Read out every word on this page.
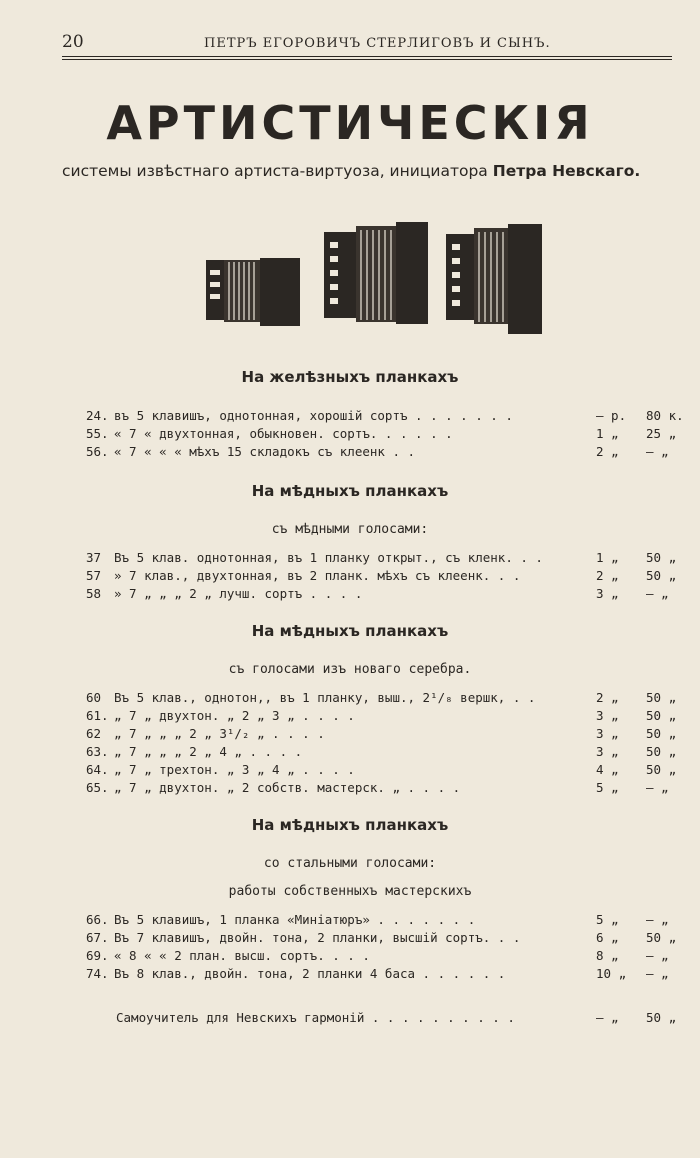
20	ПЕТРЪ ЕГОРОВИЧЪ СТЕРЛИГОВЪ И СЫНЪ.
АРТИСТИЧЕСКIЯ
системы извѣстнаго артиста-виртуоза, инициатора Петра Невскаго.
На желѣзныхъ планкахъ
24. въ 5 клавишъ, однотонная, хорошiй сортъ . . . . . . .	— р. 80 к.
55. « 7 « двухтонная, обыкновен. сортъ. . . . . .	1 „ 25 „
56. « 7 « « « мѣхъ 15 складокъ съ клеенк . .	2 „ — „
На мѣдныхъ планкахъ
съ мѣдными голосами:
37 Въ 5 клав. однотонная, въ 1 планку открыт., съ кленк. . .	1 „ 50 „
57 » 7 клав., двухтонная, въ 2 планк. мѣхъ съ клеенк. . .	2 „ 50 „
58 » 7 „ „ „ 2 „ лучш. сортъ . . . .	3 „ — „
На мѣдныхъ планкахъ
съ голосами изъ новаго серебра.
60 Въ 5 клав., однотон,, въ 1 планку, выш., 2¹/₈ вершк, . .	2 „ 50 „
61. „ 7 „ двухтон. „ 2 „ 3 „ . . . .	3 „ 50 „
62 „ 7 „ „ „ 2 „ 3¹/₂ „ . . . .	3 „ 50 „
63. „ 7 „ „ „ 2 „ 4 „ . . . .	3 „ 50 „
64. „ 7 „ трехтон. „ 3 „ 4 „ . . . .	4 „ 50 „
65. „ 7 „ двухтон. „ 2 собств. мастерск. „ . . . .	5 „ — „
На мѣдныхъ планкахъ
со стальными голосами:
работы собственныхъ мастерскихъ
66. Въ 5 клавишъ, 1 планка «Миніатюръ» . . . . . . .	5 „ — „
67. Въ 7 клавишъ, двойн. тона, 2 планки, высшiй сортъ. . .	6 „ 50 „
69. « 8 « « 2 план. высш. сортъ. . . .	8 „ — „
74. Въ 8 клав., двойн. тона, 2 планки 4 баса . . . . . .	10 „ — „
Самоучитель для Невскихъ гармоній . . . . . . . . . .	— „ 50 „
